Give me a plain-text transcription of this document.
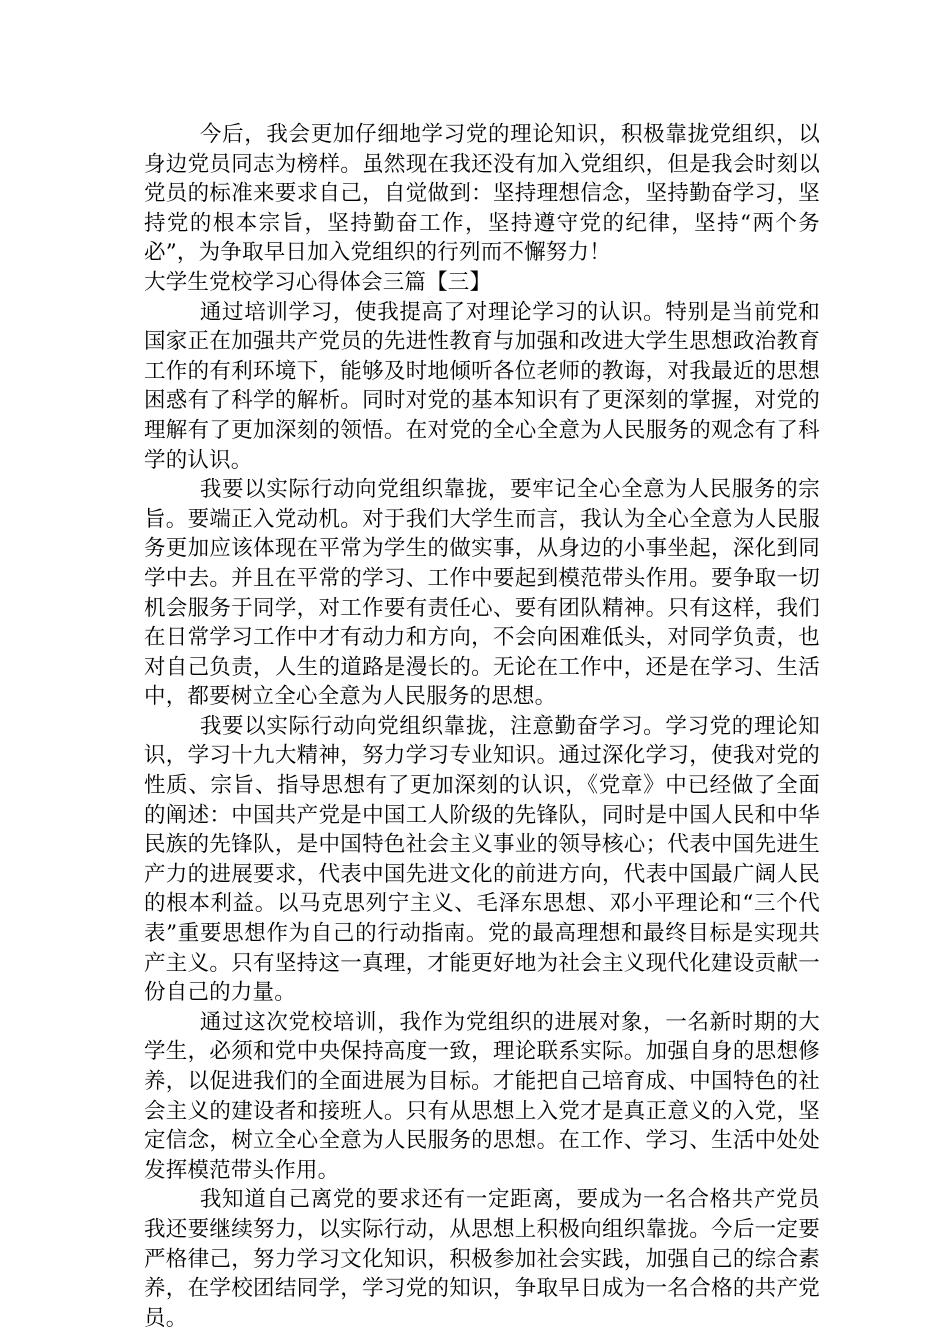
今后，我会更加仔细地学习党的理论知识，积极靠拢党组织，以身边党员同志为榜样。虽然现在我还没有加入党组织，但是我会时刻以党员的标准来要求自己，自觉做到：坚持理想信念，坚持勤奋学习，坚持党的根本宗旨，坚持勤奋工作，坚持遵守党的纪律，坚持“两个务必”，为争取早日加入党组织的行列而不懈努力！

大学生党校学习心得体会三篇【三】

通过培训学习，使我提高了对理论学习的认识。特别是当前党和国家正在加强共产党员的先进性教育与加强和改进大学生思想政治教育工作的有利环境下，能够及时地倾听各位老师的教诲，对我最近的思想困惑有了科学的解析。同时对党的基本知识有了更深刻的掌握，对党的理解有了更加深刻的领悟。在对党的全心全意为人民服务的观念有了科学的认识。

我要以实际行动向党组织靠拢，要牢记全心全意为人民服务的宗旨。要端正入党动机。对于我们大学生而言，我认为全心全意为人民服务更加应该体现在平常为学生的做实事，从身边的小事坐起，深化到同学中去。并且在平常的学习、工作中要起到模范带头作用。要争取一切机会服务于同学，对工作要有责任心、要有团队精神。只有这样，我们在日常学习工作中才有动力和方向，不会向困难低头，对同学负责，也对自己负责，人生的道路是漫长的。无论在工作中，还是在学习、生活中，都要树立全心全意为人民服务的思想。

我要以实际行动向党组织靠拢，注意勤奋学习。学习党的理论知识，学习十九大精神，努力学习专业知识。通过深化学习，使我对党的性质、宗旨、指导思想有了更加深刻的认识，《党章》中已经做了全面的阐述：中国共产党是中国工人阶级的先锋队，同时是中国人民和中华民族的先锋队，是中国特色社会主义事业的领导核心；代表中国先进生产力的进展要求，代表中国先进文化的前进方向，代表中国最广阔人民的根本利益。以马克思列宁主义、毛泽东思想、邓小平理论和“三个代表”重要思想作为自己的行动指南。党的最高理想和最终目标是实现共产主义。只有坚持这一真理，才能更好地为社会主义现代化建设贡献一份自己的力量。

通过这次党校培训，我作为党组织的进展对象，一名新时期的大学生，必须和党中央保持高度一致，理论联系实际。加强自身的思想修养，以促进我们的全面进展为目标。才能把自己培育成、中国特色的社会主义的建设者和接班人。只有从思想上入党才是真正意义的入党，坚定信念，树立全心全意为人民服务的思想。在工作、学习、生活中处处发挥模范带头作用。

我知道自己离党的要求还有一定距离，要成为一名合格共产党员我还要继续努力，以实际行动，从思想上积极向组织靠拢。今后一定要严格律己，努力学习文化知识，积极参加社会实践，加强自己的综合素养，在学校团结同学，学习党的知识，争取早日成为一名合格的共产党员。
